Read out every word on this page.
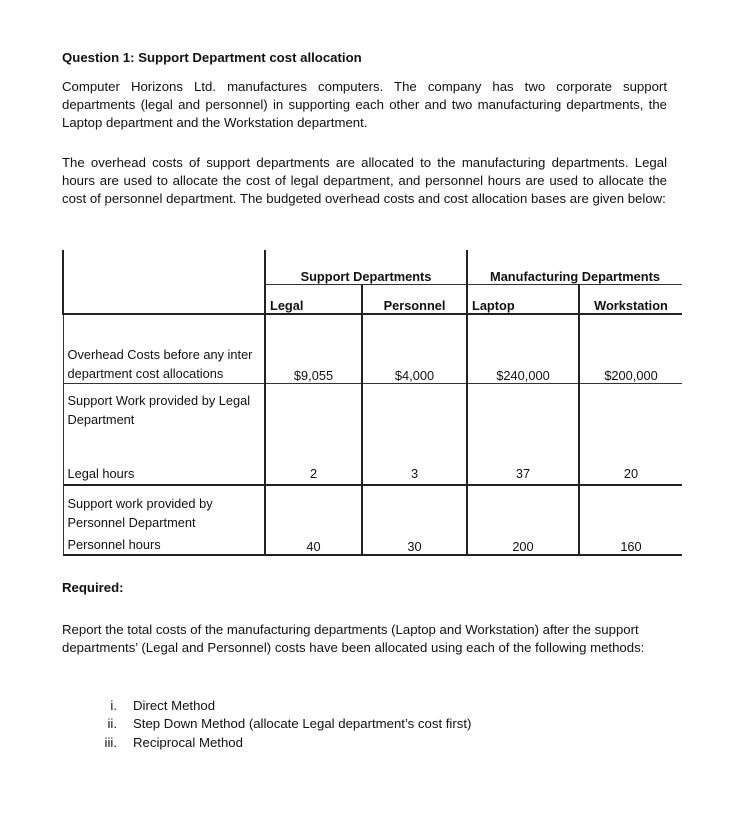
Question 1: Support Department cost allocation
Computer Horizons Ltd. manufactures computers. The company has two corporate support departments (legal and personnel) in supporting each other and two manufacturing departments, the Laptop department and the Workstation department.
The overhead costs of support departments are allocated to the manufacturing departments. Legal hours are used to allocate the cost of legal department, and personnel hours are used to allocate the cost of personnel department. The budgeted overhead costs and cost allocation bases are given below:
	Support Departments		Manufacturing Departments	
	Legal	Personnel	Laptop	Workstation
Overhead Costs before any inter department cost allocations	$9,055	$4,000	$240,000	$200,000

Support Work provided by Legal Department
Legal hours	2	3	37	20

Support work provided by Personnel Department
Personnel hours	40	30	200	160
Required:
Report the total costs of the manufacturing departments (Laptop and Workstation) after the support departments’ (Legal and Personnel) costs have been allocated using each of the following methods:
i. Direct Method
ii. Step Down Method (allocate Legal department’s cost first)
iii. Reciprocal Method
